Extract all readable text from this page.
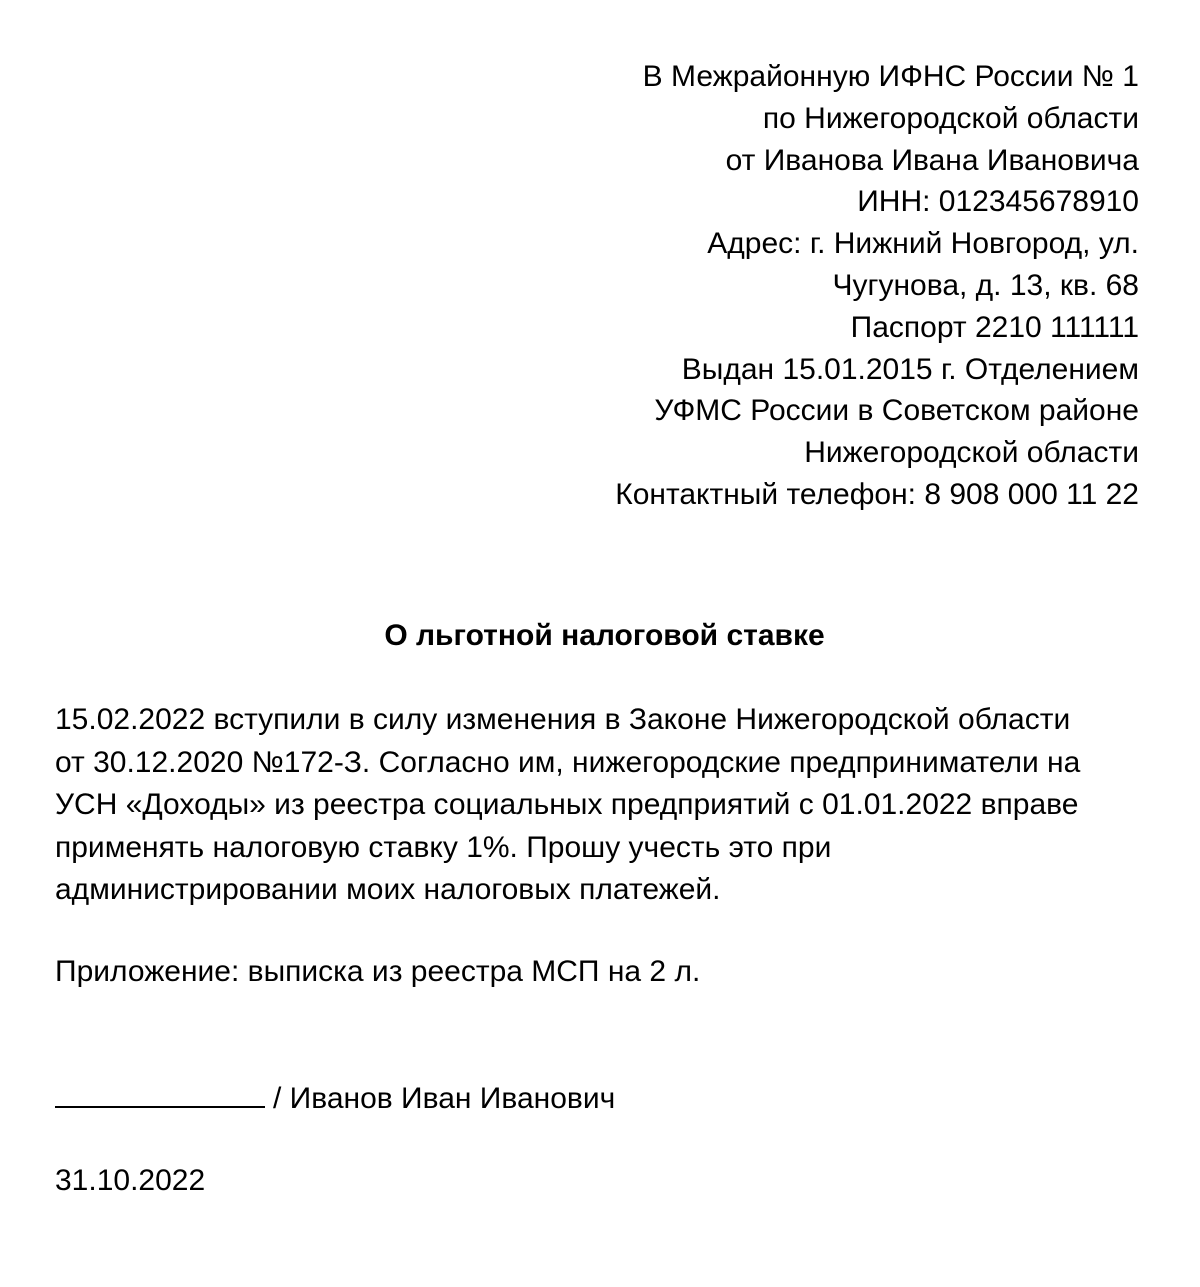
В Межрайонную ИФНС России № 1
по Нижегородской области
от Иванова Ивана Ивановича
ИНН: 012345678910
Адрес: г. Нижний Новгород, ул.
Чугунова, д. 13, кв. 68
Паспорт 2210 111111
Выдан 15.01.2015 г. Отделением
УФМС России в Советском районе
Нижегородской области
Контактный телефон: 8 908 000 11 22
О льготной налоговой ставке
15.02.2022 вступили в силу изменения в Законе Нижегородской области
от 30.12.2020 №172-З. Согласно им, нижегородские предприниматели на
УСН «Доходы» из реестра социальных предприятий с 01.01.2022 вправе
применять налоговую ставку 1%. Прошу учесть это при
администрировании моих налоговых платежей.
Приложение: выписка из реестра МСП на 2 л.
/ Иванов Иван Иванович
31.10.2022
